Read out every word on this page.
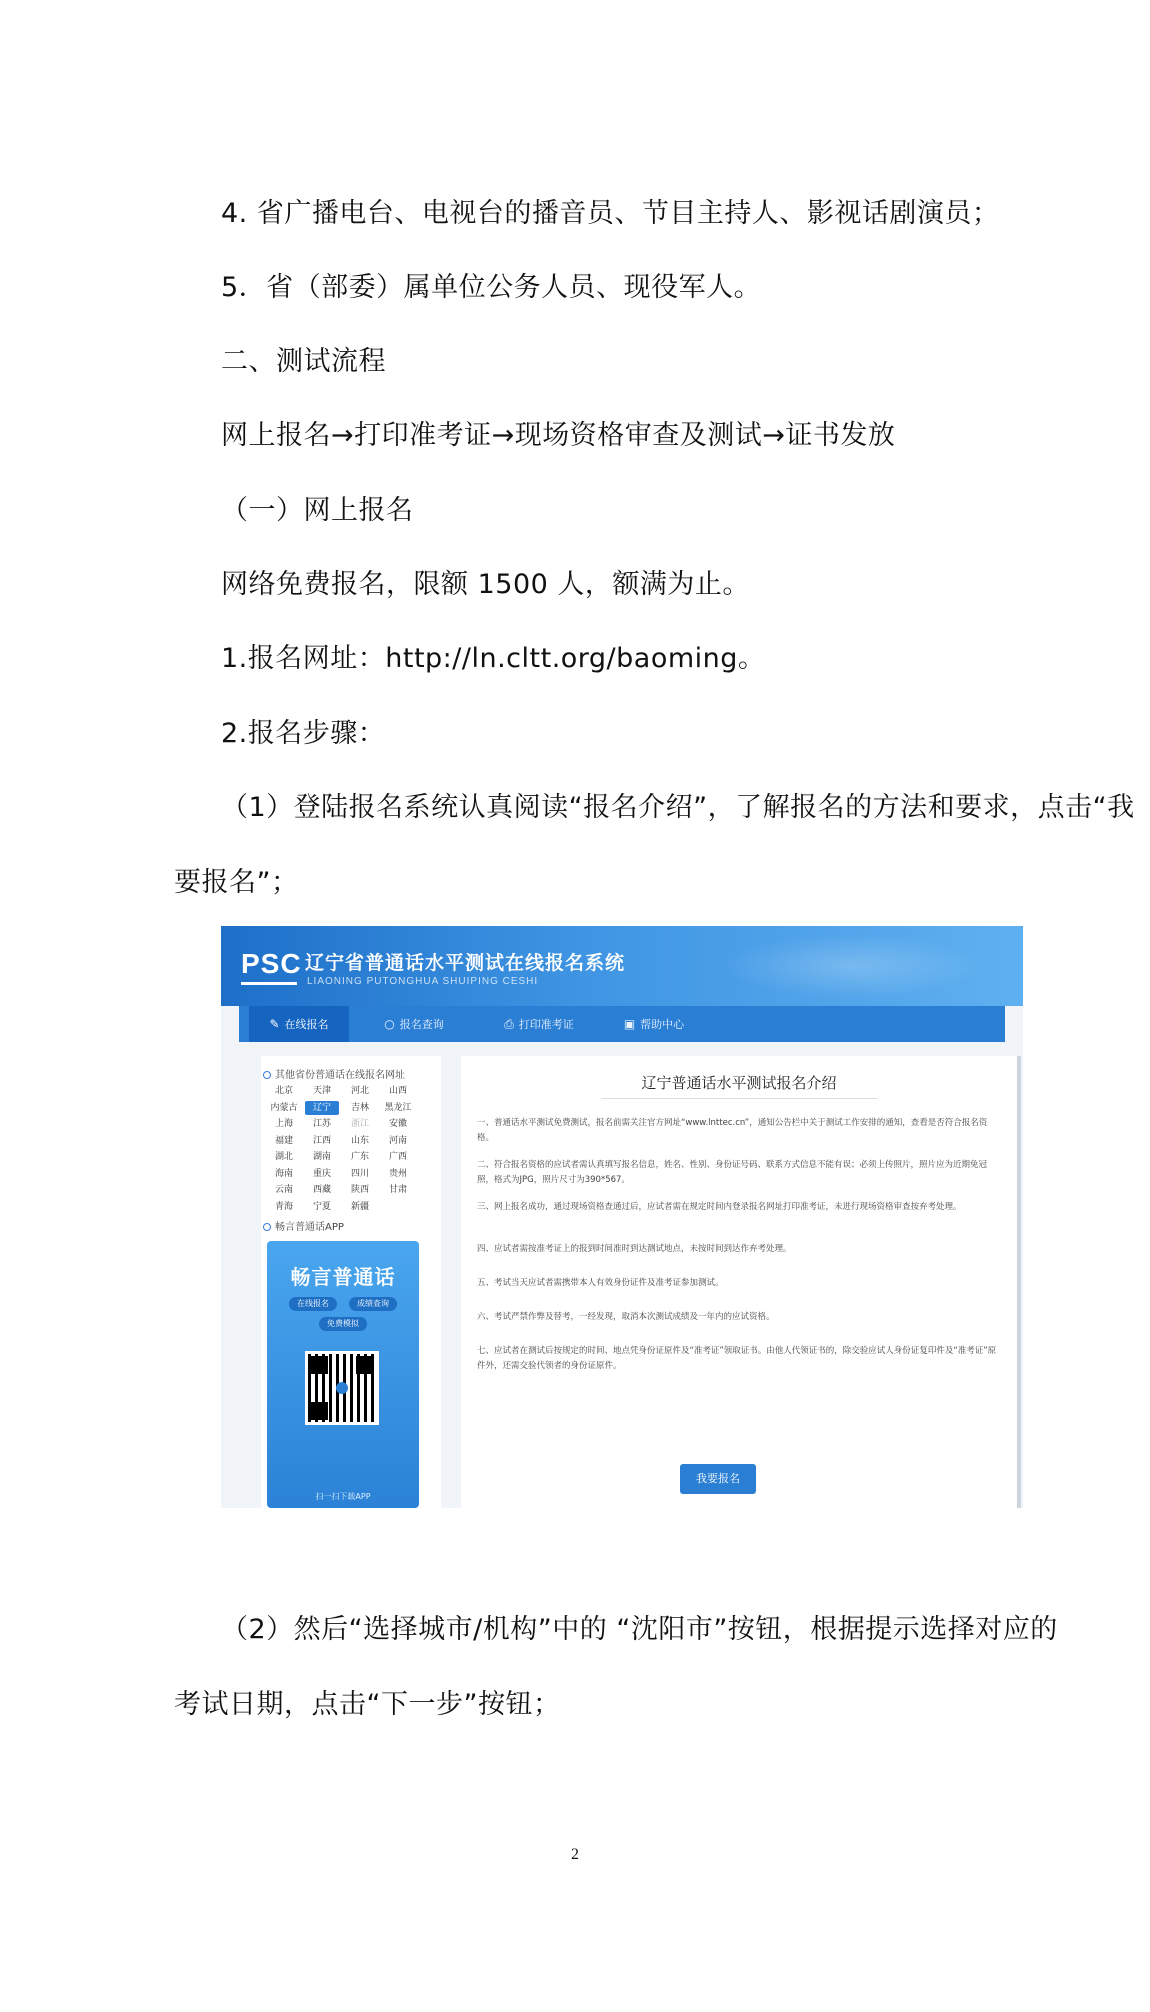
4. 省广播电台、电视台的播音员、节目主持人、影视话剧演员；
5．省（部委）属单位公务人员、现役军人。
二、测试流程
网上报名→打印准考证→现场资格审查及测试→证书发放
（一）网上报名
网络免费报名，限额 1500 人，额满为止。
1.报名网址：http://ln.cltt.org/baoming。
2.报名步骤：
（1）登陆报名系统认真阅读“报名介绍”，了解报名的方法和要求，点击“我
要报名”；
PSC 辽宁省普通话水平测试在线报名系统
LIAONING PUTONGHUA SHUIPING CESHI
✎ 在线报名	○ 报名查询	⎙ 打印准考证	▣ 帮助中心
其他省份普通话在线报名网址
北京	天津	河北	山西
内蒙古	辽宁	吉林	黑龙江
上海	江苏	浙江	安徽
福建	江西	山东	河南
湖北	湖南	广东	广西
海南	重庆	四川	贵州
云南	西藏	陕西	甘肃
青海	宁夏	新疆
畅言普通话APP
畅言普通话
在线报名	成绩查询
免费模拟
扫一扫下载APP
辽宁普通话水平测试报名介绍
一、普通话水平测试免费测试，报名前需关注官方网址“www.lnttec.cn”，通知公告栏中关于测试工作安排的通知，查看是否符合报名资格。
二、符合报名资格的应试者需认真填写报名信息，姓名、性别、身份证号码、联系方式信息不能有误；必须上传照片，照片应为近期免冠照，格式为JPG，照片尺寸为390*567。
三、网上报名成功，通过现场资格查通过后，应试者需在规定时间内登录报名网址打印准考证，未进行现场资格审查按弃考处理。
四、应试者需按准考证上的报到时间准时到达测试地点，未按时间到达作弃考处理。
五、考试当天应试者需携带本人有效身份证件及准考证参加测试。
六、考试严禁作弊及替考，一经发现，取消本次测试成绩及一年内的应试资格。
七、应试者在测试后按规定的时间、地点凭身份证原件及“准考证”领取证书。由他人代领证书的，除交验应试人身份证复印件及“准考证”原件外，还需交验代领者的身份证原件。
我要报名
（2）然后“选择城市/机构”中的 “沈阳市”按钮，根据提示选择对应的
考试日期，点击“下一步”按钮；
2
